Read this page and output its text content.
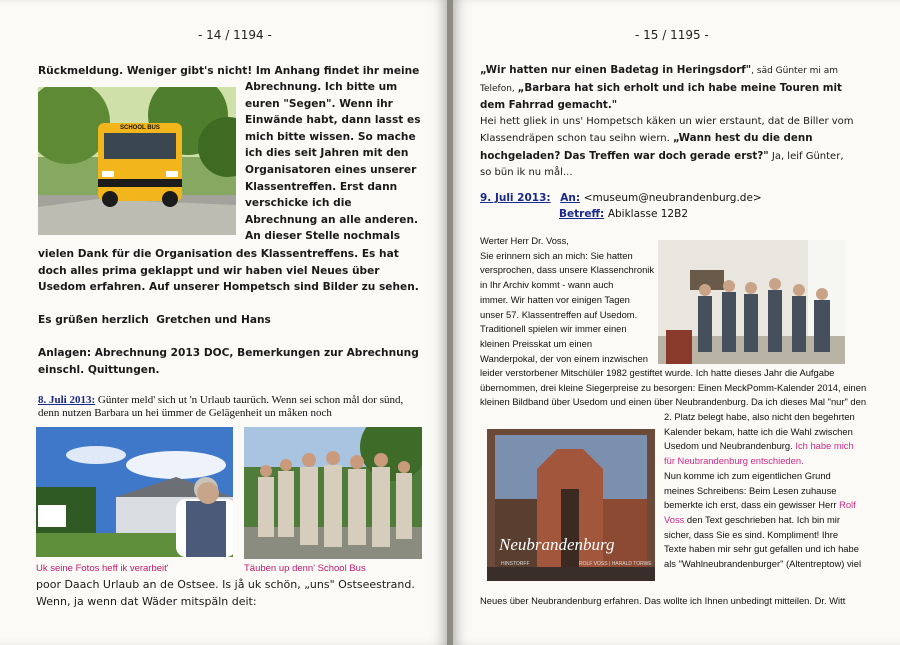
- 14 / 1194 -
Rückmeldung. Weniger gibt's nicht! Im Anhang findet ihr meine
SCHOOL BUS
Abrechnung. Ich bitte um
euren "Segen". Wenn ihr
Einwände habt, dann lasst es
mich bitte wissen. So mache
ich dies seit Jahren mit den
Organisatoren eines unserer
Klassentreffen. Erst dann
verschicke ich die
Abrechnung an alle anderen.
An dieser Stelle nochmals
vielen Dank für die Organisation des Klassentreffens. Es hat
doch alles prima geklappt und wir haben viel Neues über
Usedom erfahren. Auf unserer Hompetsch sind Bilder zu sehen.
Es grüßen herzlich  Gretchen und Hans
Anlagen: Abrechnung 2013 DOC, Bemerkungen zur Abrechnung
einschl. Quittungen.
8. Juli 2013: Günter meld' sich ut 'n Urlaub taurüch. Wenn sei schon mål dor sünd,
denn nutzen Barbara un hei ümmer de Gelägenheit un måken noch
Uk seine Fotos heff ik verarbeit'	Täuben up denn' School Bus
poor Daach Urlaub an de Ostsee. Is jå uk schön, „uns" Ostseestrand.
Wenn, ja wenn dat Wäder mitspäln deit:
- 15 / 1195 -
„Wir hatten nur einen Badetag in Heringsdorf", säd Günter mi am
Telefon, „Barbara hat sich erholt und ich habe meine Touren mit
dem Fahrrad gemacht."
Hei hett gliek in uns' Hompetsch käken un wier erstaunt, dat de Biller vom
Klassendräpen schon tau seihn wiern. „Wann hest du die denn
hochgeladen? Das Treffen war doch gerade erst?" Ja, leif Günter,
so bün ik nu mål...
9. Juli 2013: An: <museum@neubrandenburg.de>
Betreff: Abiklasse 12B2
Werter Herr Dr. Voss,
Sie erinnern sich an mich: Sie hatten
versprochen, dass unsere Klassenchronik
in Ihr Archiv kommt - wann auch
immer. Wir hatten vor einigen Tagen
unser 57. Klassentreffen auf Usedom.
Traditionell spielen wir immer einen
kleinen Preisskat um einen
Wanderpokal, der von einem inzwischen
leider verstorbener Mitschüler 1982 gestiftet wurde. Ich hatte dieses Jahr die Aufgabe
übernommen, drei kleine Siegerpreise zu besorgen: Einen MeckPomm-Kalender 2014, einen
kleinen Bildband über Usedom und einen über Neubrandenburg. Da ich dieses Mal "nur" den
Neubrandenburg
HINSTORFF	ROLF VOSS | HARALD TORWE
2. Platz belegt habe, also nicht den begehrten
Kalender bekam, hatte ich die Wahl zwischen
Usedom und Neubrandenburg. Ich habe mich
für Neubrandenburg entschieden.
Nun komme ich zum eigentlichen Grund
meines Schreibens: Beim Lesen zuhause
bemerkte ich erst, dass ein gewisser Herr Rolf
Voss den Text geschrieben hat. Ich bin mir
sicher, dass Sie es sind. Kompliment! Ihre
Texte haben mir sehr gut gefallen und ich habe
als "Wahlneubrandenburger" (Altentreptow) viel
Neues über Neubrandenburg erfahren. Das wollte ich Ihnen unbedingt mitteilen. Dr. Witt
